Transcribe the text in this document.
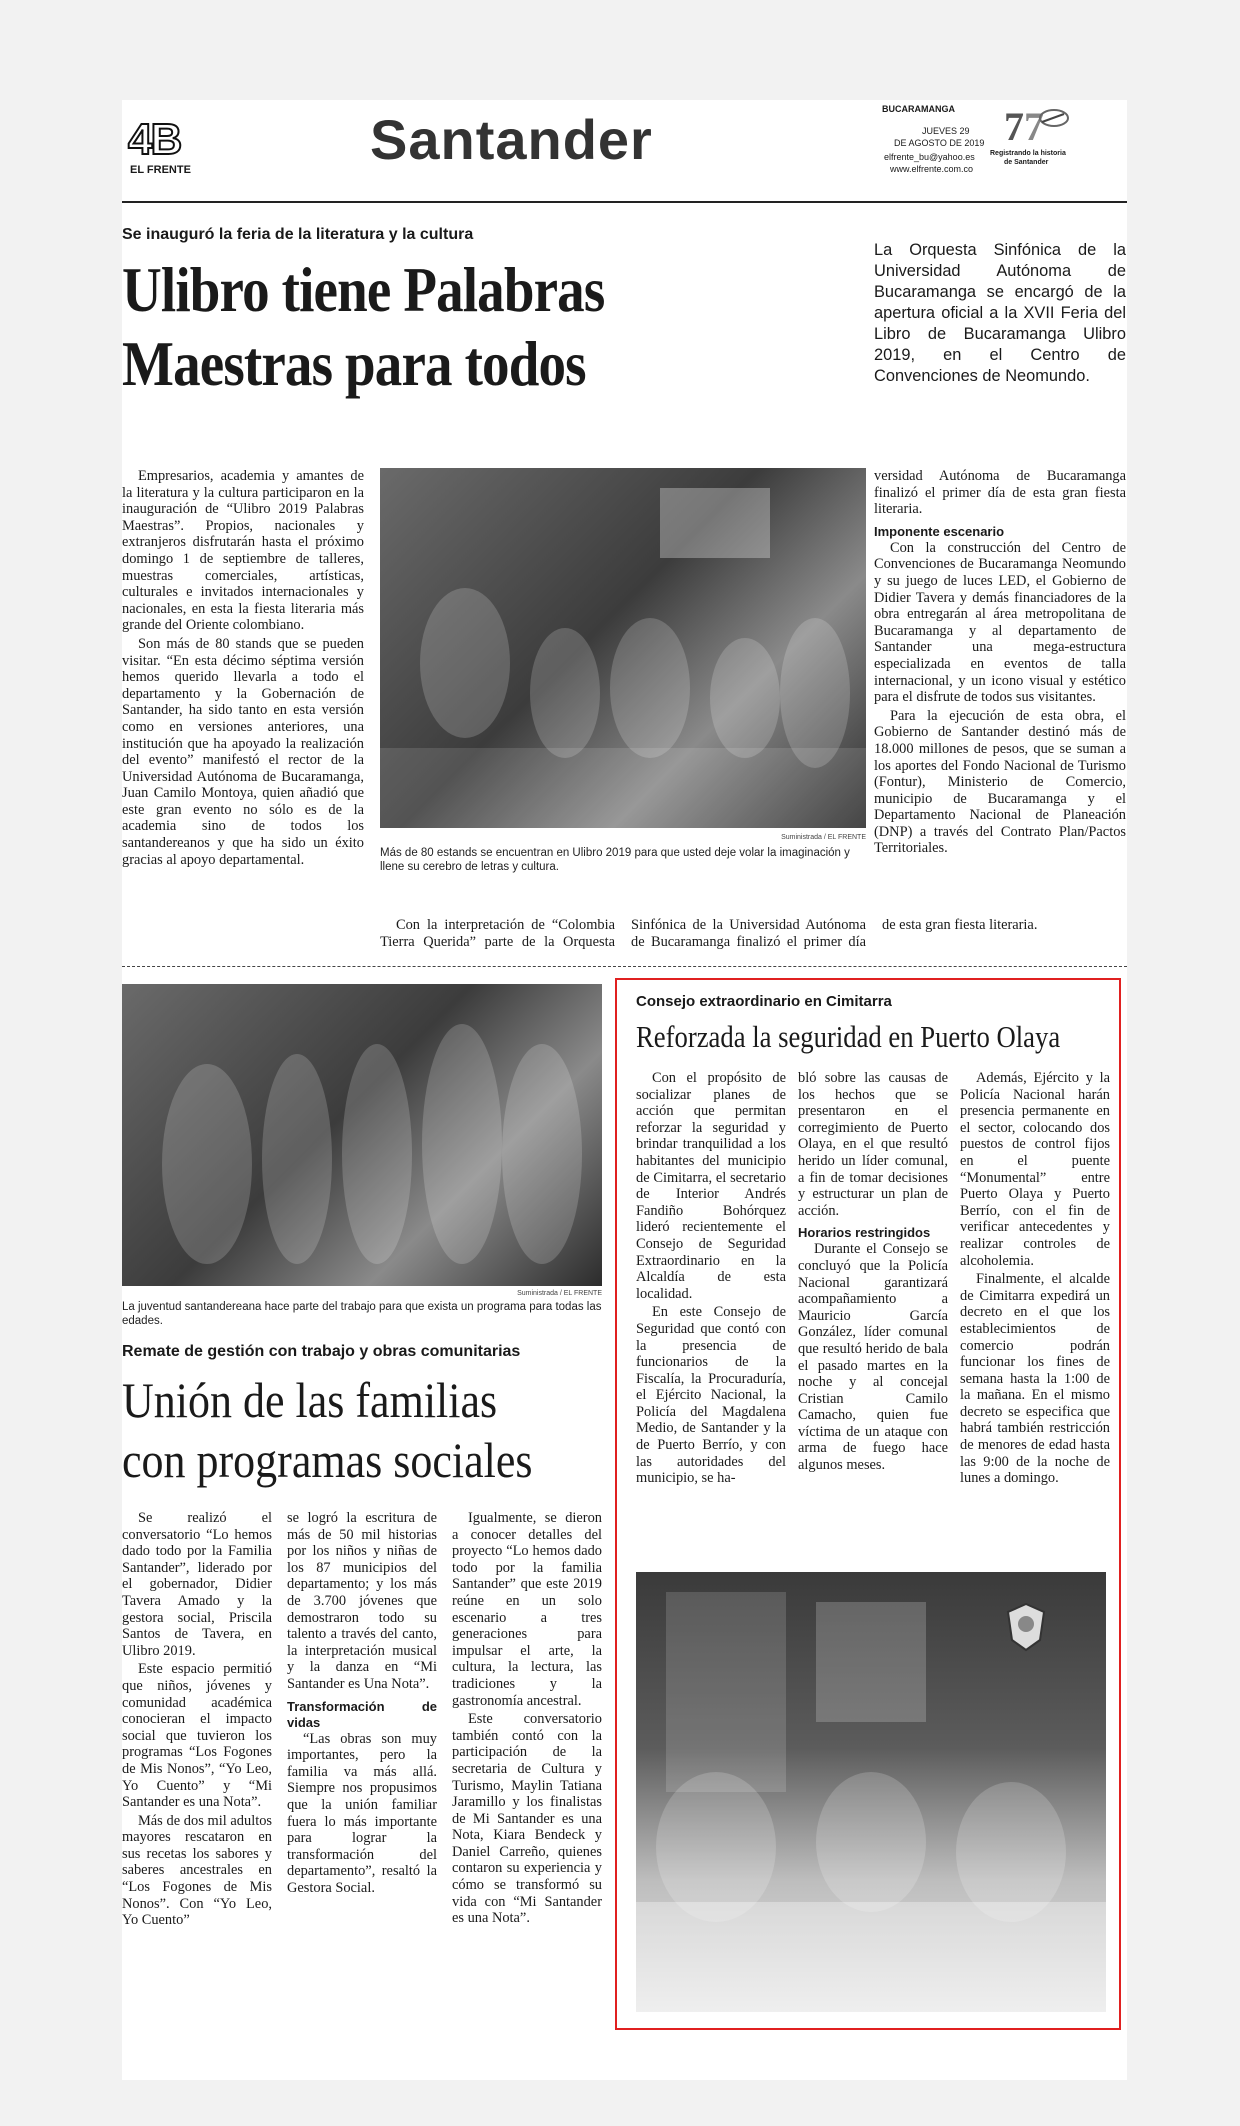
4B
EL FRENTE	Santander	BUCARAMANGA
JUEVES 29
DE AGOSTO DE 2019
elfrente_bu@yahoo.es
www.elfrente.com.co
7 7
Registrando la historia
de Santander
Se inauguró la feria de la literatura y la cultura
Ulibro tiene Palabras
Maestras para todos
La Orquesta Sinfónica de la Universidad Autónoma de Bucaramanga se encargó de la apertura oficial a la XVII Feria del Libro de Bucaramanga Ulibro 2019, en el Centro de Convenciones de Neomundo.

Empresarios, academia y amantes de la literatura y la cultura participaron en la inauguración de “Ulibro 2019 Palabras Maestras”. Propios, nacionales y extranjeros disfrutarán hasta el próximo domingo 1 de septiembre de talleres, muestras comerciales, artísticas, culturales e invitados internacionales y nacionales, en esta la fiesta literaria más grande del Oriente colombiano.

Son más de 80 stands que se pueden visitar. “En esta décimo séptima versión hemos querido llevarla a todo el departamento y la Gobernación de Santander, ha sido tanto en esta versión como en versiones anteriores, una institución que ha apoyado la realización del evento” manifestó el rector de la Universidad Autónoma de Bucaramanga, Juan Camilo Montoya, quien añadió que este gran evento no sólo es de la academia sino de todos los santandereanos y que ha sido un éxito gracias al apoyo departamental.

Suministrada / EL FRENTE
Más de 80 estands se encuentran en Ulibro 2019 para que usted deje volar la imaginación y llene su cerebro de letras y cultura.

Con la interpretación de “Colombia Tierra Querida” parte de la Orquesta Sinfónica de la Universidad Autónoma de Bucaramanga finalizó el primer día de esta gran fiesta literaria.

versidad Autónoma de Bucaramanga finalizó el primer día de esta gran fiesta literaria.

Imponente escenario

Con la construcción del Centro de Convenciones de Bucaramanga Neomundo y su juego de luces LED, el Gobierno de Didier Tavera y demás financiadores de la obra entregarán al área metropolitana de Bucaramanga y al departamento de Santander una mega-estructura especializada en eventos de talla internacional, y un icono visual y estético para el disfrute de todos sus visitantes.

Para la ejecución de esta obra, el Gobierno de Santander destinó más de 18.000 millones de pesos, que se suman a los aportes del Fondo Nacional de Turismo (Fontur), Ministerio de Comercio, municipio de Bucaramanga y el Departamento Nacional de Planeación (DNP) a través del Contrato Plan/Pactos Territoriales.

Suministrada / EL FRENTE
La juventud santandereana hace parte del trabajo para que exista un programa para todas las edades.
Remate de gestión con trabajo y obras comunitarias
Unión de las familias
con programas sociales

Se realizó el conversatorio “Lo hemos dado todo por la Familia Santander”, liderado por el gobernador, Didier Tavera Amado y la gestora social, Priscila Santos de Tavera, en Ulibro 2019.

Este espacio permitió que niños, jóvenes y comunidad académica conocieran el impacto social que tuvieron los programas “Los Fogones de Mis Nonos”, “Yo Leo, Yo Cuento” y “Mi Santander es una Nota”.

Más de dos mil adultos mayores rescataron en sus recetas los sabores y saberes ancestrales en “Los Fogones de Mis Nonos”. Con “Yo Leo, Yo Cuento”

se logró la escritura de más de 50 mil historias por los niños y niñas de los 87 municipios del departamento; y los más de 3.700 jóvenes que demostraron todo su talento a través del canto, la interpretación musical y la danza en “Mi Santander es Una Nota”.

Transformación de vidas

“Las obras son muy importantes, pero la familia va más allá. Siempre nos propusimos que la unión familiar fuera lo más importante para lograr la transformación del departamento”, resaltó la Gestora Social.

Igualmente, se dieron a conocer detalles del proyecto “Lo hemos dado todo por la familia Santander” que este 2019 reúne en un solo escenario a tres generaciones para impulsar el arte, la cultura, la lectura, las tradiciones y la gastronomía ancestral.

Este conversatorio también contó con la participación de la secretaria de Cultura y Turismo, Maylin Tatiana Jaramillo y los finalistas de Mi Santander es una Nota, Kiara Bendeck y Daniel Carreño, quienes contaron su experiencia y cómo se transformó su vida con “Mi Santander es una Nota”.

Consejo extraordinario en Cimitarra
Reforzada la seguridad en Puerto Olaya

Con el propósito de socializar planes de acción que permitan reforzar la seguridad y brindar tranquilidad a los habitantes del municipio de Cimitarra, el secretario de Interior Andrés Fandiño Bohórquez lideró recientemente el Consejo de Seguridad Extraordinario en la Alcaldía de esta localidad.

En este Consejo de Seguridad que contó con la presencia de funcionarios de la Fiscalía, la Procuraduría, el Ejército Nacional, la Policía del Magdalena Medio, de Santander y la de Puerto Berrío, y con las autoridades del municipio, se ha-

bló sobre las causas de los hechos que se presentaron en el corregimiento de Puerto Olaya, en el que resultó herido un líder comunal, a fin de tomar decisiones y estructurar un plan de acción.

Horarios restringidos

Durante el Consejo se concluyó que la Policía Nacional garantizará acompañamiento a Mauricio García González, líder comunal que resultó herido de bala el pasado martes en la noche y al concejal Cristian Camilo Camacho, quien fue víctima de un ataque con arma de fuego hace algunos meses.

Además, Ejército y la Policía Nacional harán presencia permanente en el sector, colocando dos puestos de control fijos en el puente “Monumental” entre Puerto Olaya y Puerto Berrío, con el fin de verificar antecedentes y realizar controles de alcoholemia.

Finalmente, el alcalde de Cimitarra expedirá un decreto en el que los establecimientos de comercio podrán funcionar los fines de semana hasta la 1:00 de la mañana. En el mismo decreto se especifica que habrá también restricción de menores de edad hasta las 9:00 de la noche de lunes a domingo.
